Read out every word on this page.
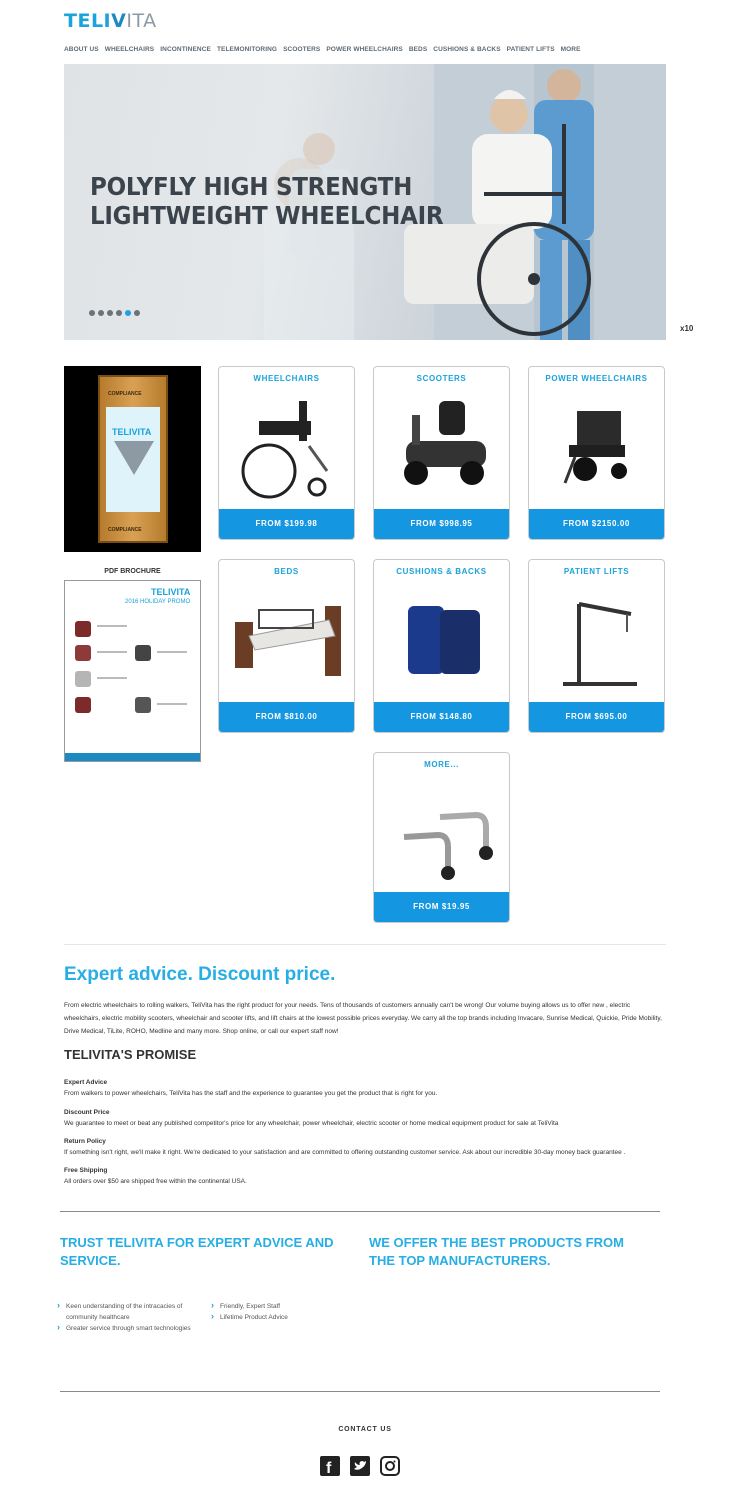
TELIVITA
ABOUT US WHEELCHAIRS INCONTINENCE TELEMONITORING SCOOTERS POWER WHEELCHAIRS BEDS CUSHIONS & BACKS PATIENT LIFTS MORE
POLYFLY HIGH STRENGTH
LIGHTWEIGHT WHEELCHAIR
x10
COMPLIANCE
TELIVITA
COMPLIANCE
PDF BROCHURE
TELIVITA
2016 HOLIDAY PROMO
WHEELCHAIRS
FROM $199.98
SCOOTERS
FROM $998.95
POWER WHEELCHAIRS
FROM $2150.00
BEDS
FROM $810.00
CUSHIONS & BACKS
FROM $148.80
PATIENT LIFTS
FROM $695.00
MORE...
FROM $19.95
Expert advice. Discount price.

From electric wheelchairs to rolling walkers, TeliVita has the right product for your needs. Tens of thousands of customers annually can't be wrong! Our volume buying allows us to offer new , electric wheelchairs, electric mobility scooters, wheelchair and scooter lifts, and lift chairs at the lowest possible prices everyday. We carry all the top brands including Invacare, Sunrise Medical, Quickie, Pride Mobility, Drive Medical, TiLite, ROHO, Medline and many more. Shop online, or call our expert staff now!

TELIVITA'S PROMISE
Expert Advice
From walkers to power wheelchairs, TeliVita has the staff and the experience to guarantee you get the product that is right for you.
Discount Price
We guarantee to meet or beat any published competitor's price for any wheelchair, power wheelchair, electric scooter or home medical equipment product for sale at TeliVita
Return Policy
If something isn't right, we'll make it right. We're dedicated to your satisfaction and are committed to offering outstanding customer service. Ask about our incredible 30-day money back guarantee .
Free Shipping
All orders over $50 are shipped free within the continental USA.
TRUST TELIVITA FOR EXPERT ADVICE AND SERVICE.
WE OFFER THE BEST PRODUCTS FROM THE TOP MANUFACTURERS.
› Keen understanding of the intracacies of community healthcare
› Greater service through smart technologies
› Friendly, Expert Staff
› Lifetime Product Advice
CONTACT US
f
